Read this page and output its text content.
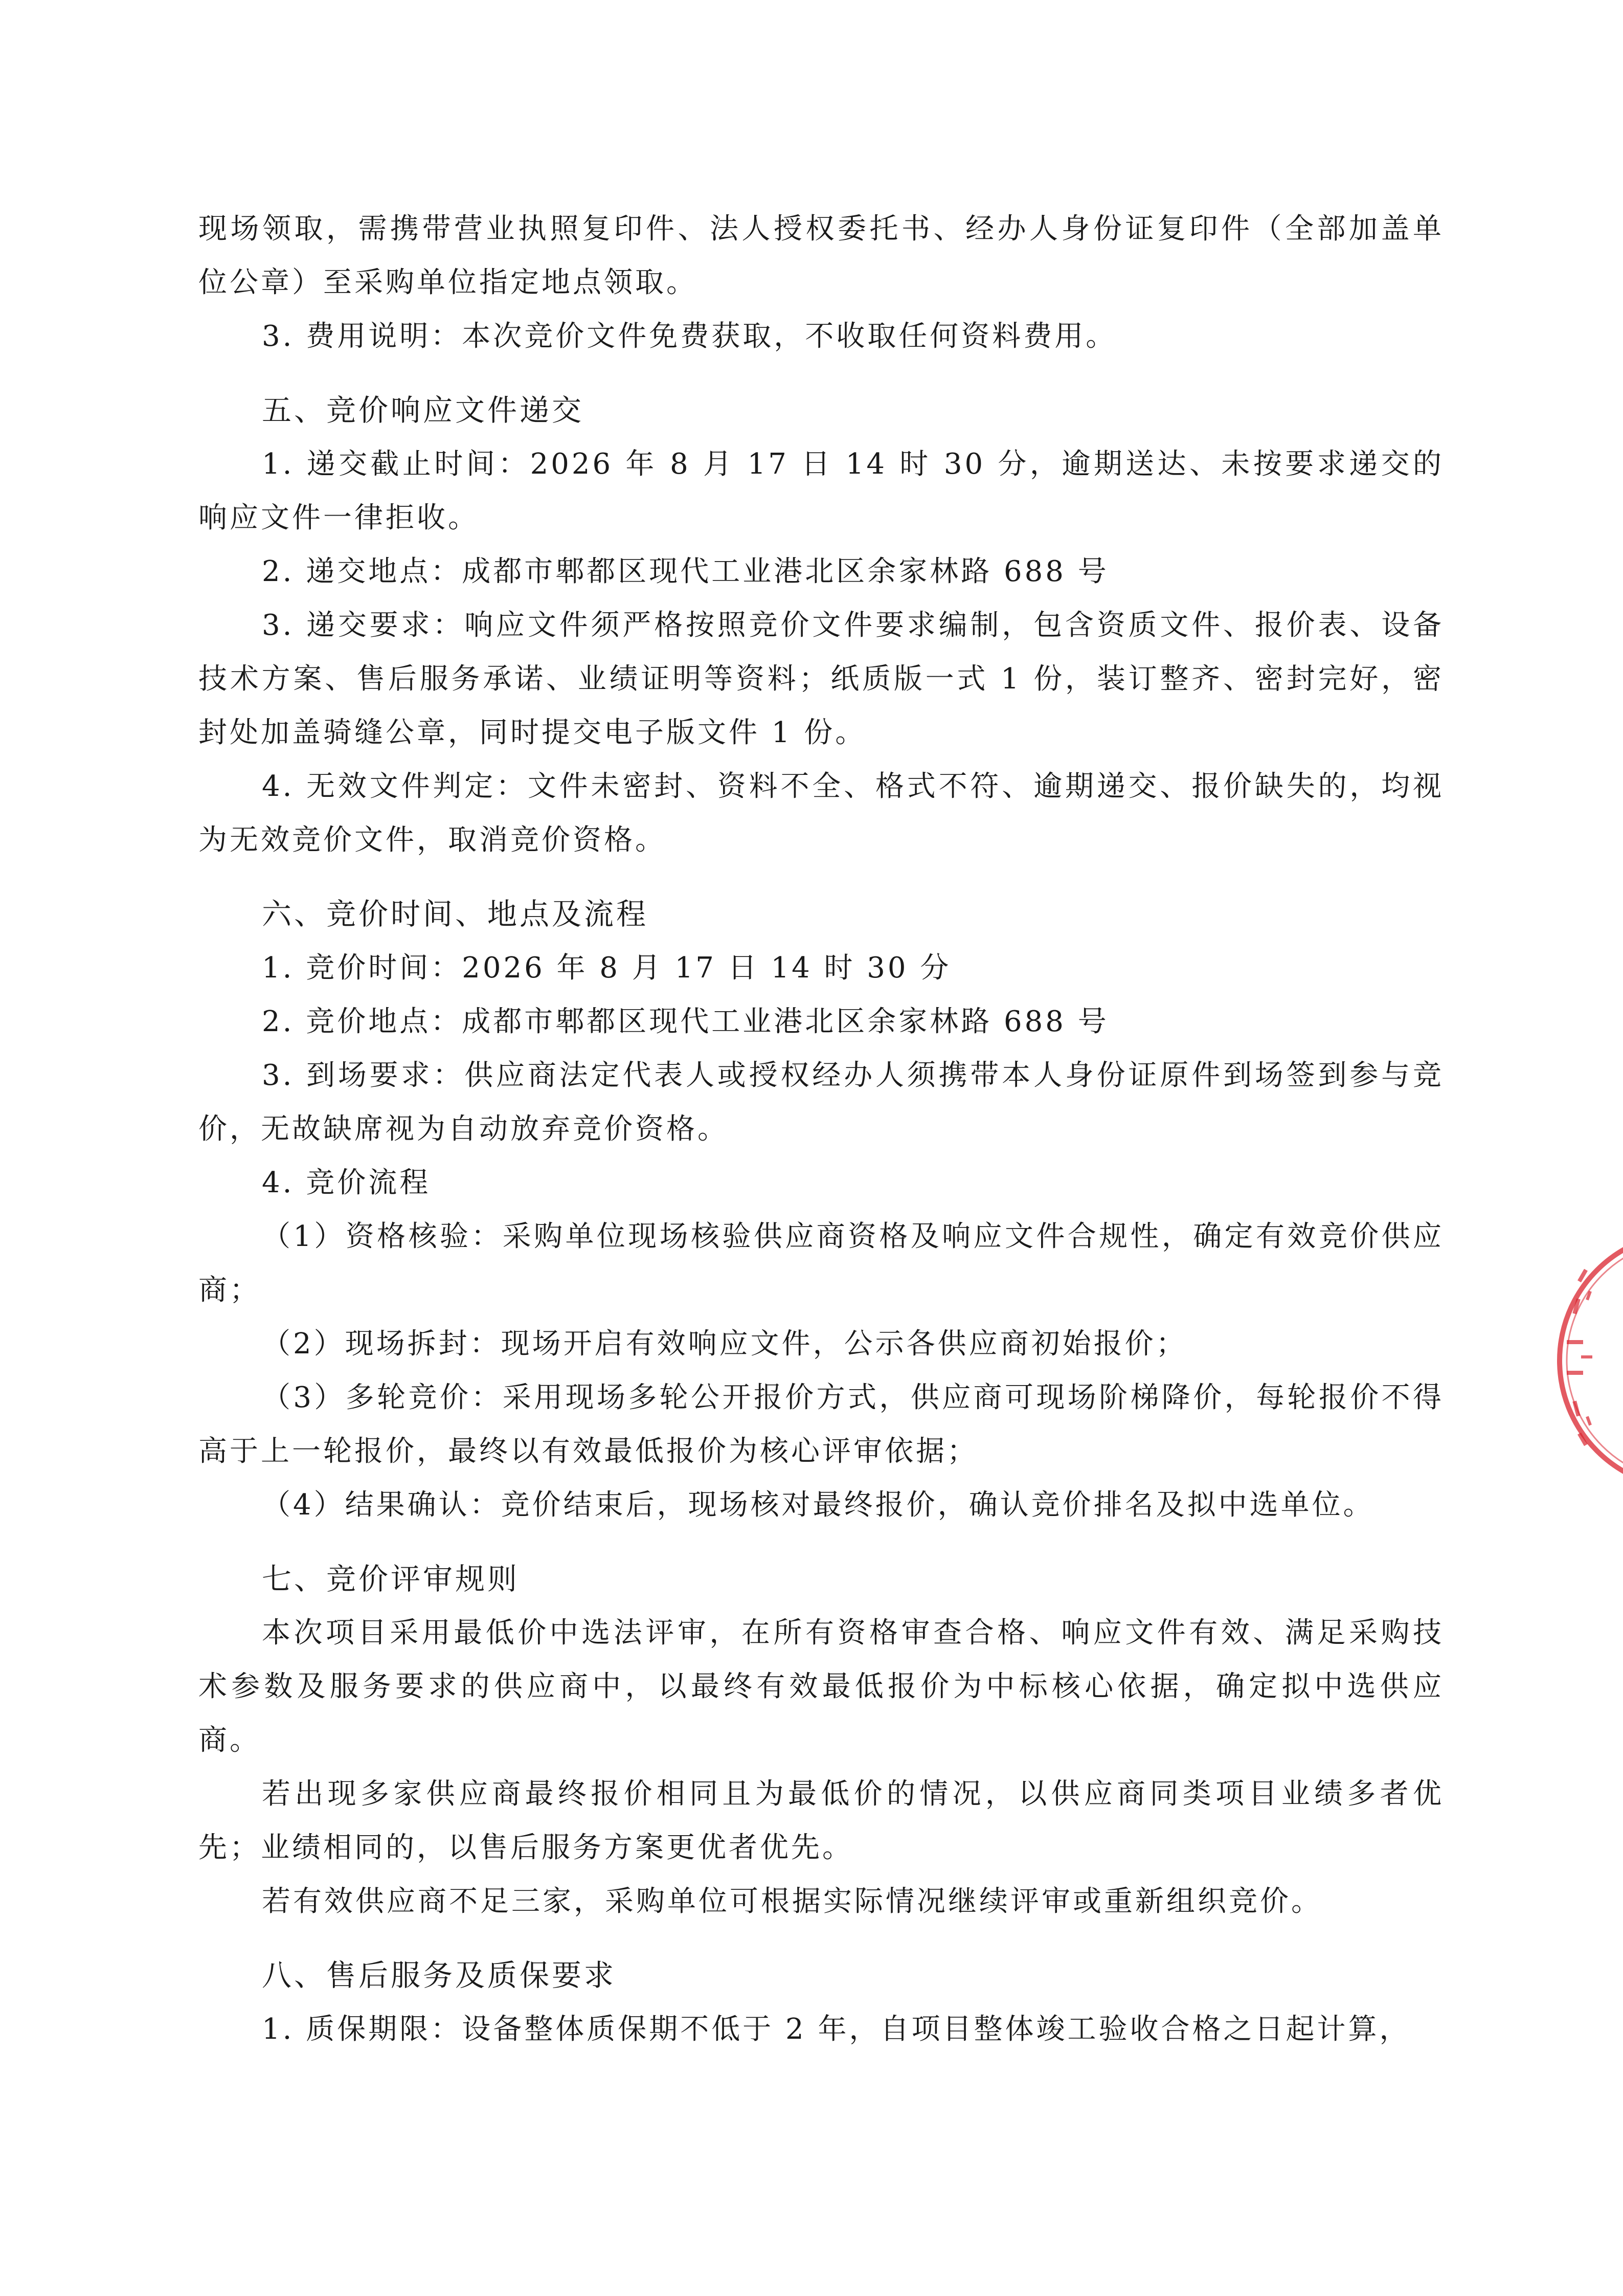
现场领取，需携带营业执照复印件、法人授权委托书、经办人身份证复印件（全部加盖单位公章）至采购单位指定地点领取。

3. 费用说明：本次竞价文件免费获取，不收取任何资料费用。

五、竞价响应文件递交

1. 递交截止时间：2026 年 8 月 17 日 14 时 30 分，逾期送达、未按要求递交的响应文件一律拒收。

2. 递交地点：成都市郫都区现代工业港北区余家林路 688 号

3. 递交要求：响应文件须严格按照竞价文件要求编制，包含资质文件、报价表、设备技术方案、售后服务承诺、业绩证明等资料；纸质版一式 1 份，装订整齐、密封完好，密封处加盖骑缝公章，同时提交电子版文件 1 份。

4. 无效文件判定：文件未密封、资料不全、格式不符、逾期递交、报价缺失的，均视为无效竞价文件，取消竞价资格。

六、竞价时间、地点及流程

1. 竞价时间：2026 年 8 月 17 日 14 时 30 分

2. 竞价地点：成都市郫都区现代工业港北区余家林路 688 号

3. 到场要求：供应商法定代表人或授权经办人须携带本人身份证原件到场签到参与竞价，无故缺席视为自动放弃竞价资格。

4. 竞价流程

（1）资格核验：采购单位现场核验供应商资格及响应文件合规性，确定有效竞价供应商；

（2）现场拆封：现场开启有效响应文件，公示各供应商初始报价；

（3）多轮竞价：采用现场多轮公开报价方式，供应商可现场阶梯降价，每轮报价不得高于上一轮报价，最终以有效最低报价为核心评审依据；

（4）结果确认：竞价结束后，现场核对最终报价，确认竞价排名及拟中选单位。

七、竞价评审规则

本次项目采用最低价中选法评审，在所有资格审查合格、响应文件有效、满足采购技术参数及服务要求的供应商中，以最终有效最低报价为中标核心依据，确定拟中选供应商。

若出现多家供应商最终报价相同且为最低价的情况，以供应商同类项目业绩多者优先；业绩相同的，以售后服务方案更优者优先。

若有效供应商不足三家，采购单位可根据实际情况继续评审或重新组织竞价。

八、售后服务及质保要求

1. 质保期限：设备整体质保期不低于 2 年，自项目整体竣工验收合格之日起计算，
